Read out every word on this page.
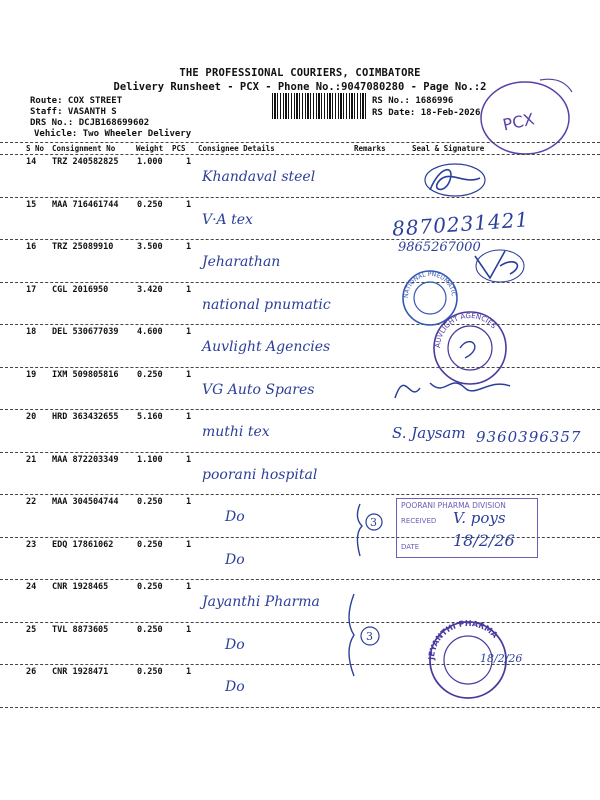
THE PROFESSIONAL COURIERS, COIMBATORE
Delivery Runsheet - PCX - Phone No.:9047080280 - Page No.:2
Route: COX STREET
Staff: VASANTH S
DRS No.: DCJB168699602
Vehicle: Two Wheeler Delivery
RS No.: 1686996
RS Date: 18-Feb-2026 PCX
S No Consignment No	Weight PCS Consignee Details	Remarks	Seal & Signature
14 TRZ 240582825 1.000	1
Khandaval steel
15 MAA 716461744 0.250	1
V·A tex
16 TRZ 25089910	3.500	1
Jeharathan
17 CGL 2016950	3.420	1
national pnumatic
18 DEL 530677039 4.600	1
Auvlight Agencies
19 IXM 509805816 0.250	1
VG Auto Spares
20 HRD 363432655 5.160	1
muthi tex
21 MAA 872203349 1.100	1
poorani hospital
22 MAA 304504744 0.250	1
Do
23 EDQ 17861062	0.250	1
Do
24 CNR 1928465	0.250	1
Jayanthi Pharma
25 TVL 8873605	0.250	1
Do
26 CNR 1928471	0.250	1
Do
8870231421
9865267000
NATIONAL PNEUMATIC
AUVLIGHT AGENCIES
S. Jaysam 9360396357
3
POORANI PHARMA DIVISION
RECEIVED V. poys
DATE 18/2/26
3
JEYANTHI PHARMA
18/2/26
